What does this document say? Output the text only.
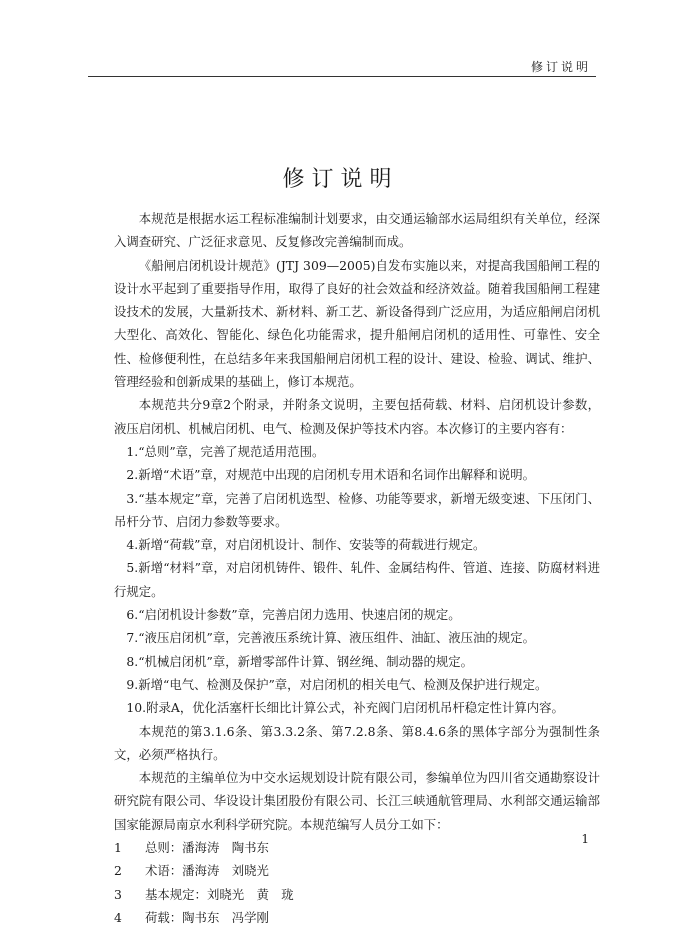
修订说明
修订说明

本规范是根据水运工程标准编制计划要求，由交通运输部水运局组织有关单位，经深入调查研究、广泛征求意见、反复修改完善编制而成。

《船闸启闭机设计规范》(JTJ 309—2005)自发布实施以来，对提高我国船闸工程的设计水平起到了重要指导作用，取得了良好的社会效益和经济效益。随着我国船闸工程建设技术的发展，大量新技术、新材料、新工艺、新设备得到广泛应用，为适应船闸启闭机大型化、高效化、智能化、绿色化功能需求，提升船闸启闭机的适用性、可靠性、安全性、检修便利性，在总结多年来我国船闸启闭机工程的设计、建设、检验、调试、维护、管理经验和创新成果的基础上，修订本规范。

本规范共分9章2个附录，并附条文说明，主要包括荷载、材料、启闭机设计参数，液压启闭机、机械启闭机、电气、检测及保护等技术内容。本次修订的主要内容有：

1.“总则”章，完善了规范适用范围。

2.新增“术语”章，对规范中出现的启闭机专用术语和名词作出解释和说明。

3.“基本规定”章，完善了启闭机选型、检修、功能等要求，新增无级变速、下压闭门、吊杆分节、启闭力参数等要求。

4.新增“荷载”章，对启闭机设计、制作、安装等的荷载进行规定。

5.新增“材料”章，对启闭机铸件、锻件、轧件、金属结构件、管道、连接、防腐材料进行规定。

6.“启闭机设计参数”章，完善启闭力选用、快速启闭的规定。

7.“液压启闭机”章，完善液压系统计算、液压组件、油缸、液压油的规定。

8.“机械启闭机”章，新增零部件计算、钢丝绳、制动器的规定。

9.新增“电气、检测及保护”章，对启闭机的相关电气、检测及保护进行规定。

10.附录A，优化活塞杆长细比计算公式，补充阀门启闭机吊杆稳定性计算内容。

本规范的第3.1.6条、第3.3.2条、第7.2.8条、第8.4.6条的黑体字部分为强制性条文，必须严格执行。

本规范的主编单位为中交水运规划设计院有限公司，参编单位为四川省交通勘察设计研究院有限公司、华设设计集团股份有限公司、长江三峡通航管理局、水利部交通运输部国家能源局南京水利科学研究院。本规范编写人员分工如下：

1	总则：潘海涛　陶书东
2	术语：潘海涛　刘晓光
3	基本规定：刘晓光　黄　珑
4	荷载：陶书东　冯学刚
1
